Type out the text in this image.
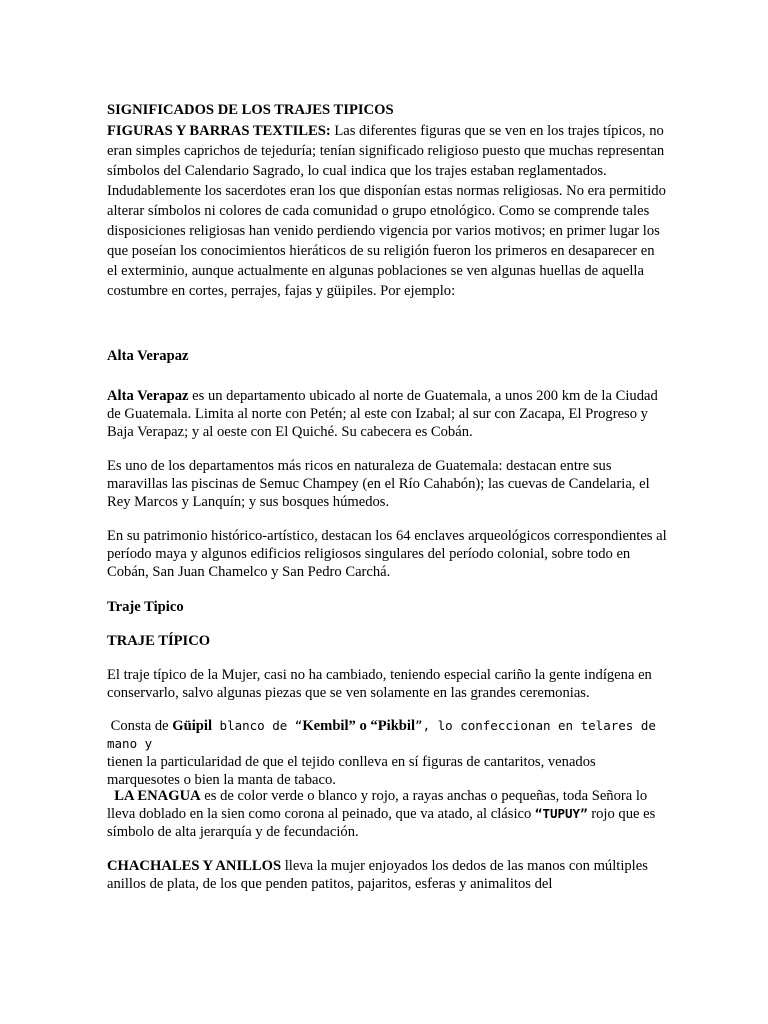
SIGNIFICADOS DE LOS TRAJES TIPICOS

FIGURAS Y BARRAS TEXTILES: Las diferentes figuras que se ven en los trajes típicos, no eran simples caprichos de tejeduría; tenían significado religioso puesto que muchas representan símbolos del Calendario Sagrado, lo cual indica que los trajes estaban reglamentados. Indudablemente los sacerdotes eran los que disponían estas normas religiosas. No era permitido alterar símbolos ni colores de cada comunidad o grupo etnológico. Como se comprende tales disposiciones religiosas han venido perdiendo vigencia por varios motivos; en primer lugar los que poseían los conocimientos hieráticos de su religión fueron los primeros en desaparecer en el exterminio, aunque actualmente en algunas poblaciones se ven algunas huellas de aquella costumbre en cortes, perrajes, fajas y güipiles. Por ejemplo:

Alta Verapaz

Alta Verapaz es un departamento ubicado al norte de Guatemala, a unos 200 km de la Ciudad de Guatemala. Limita al norte con Petén; al este con Izabal; al sur con Zacapa, El Progreso y Baja Verapaz; y al oeste con El Quiché. Su cabecera es Cobán.

Es uno de los departamentos más ricos en naturaleza de Guatemala: destacan entre sus maravillas las piscinas de Semuc Champey (en el Río Cahabón); las cuevas de Candelaria, el Rey Marcos y Lanquín; y sus bosques húmedos.

En su patrimonio histórico-artístico, destacan los 64 enclaves arqueológicos correspondientes al período maya y algunos edificios religiosos singulares del período colonial, sobre todo en Cobán, San Juan Chamelco y San Pedro Carchá.

Traje Tipico

TRAJE TÍPICO

El traje típico de la Mujer, casi no ha cambiado, teniendo especial cariño la gente indígena en conservarlo, salvo algunas piezas que se ven solamente en las grandes ceremonias.

Consta de Güipil blanco de “Kembil” o “Pikbil”, lo confeccionan en telares de mano y
tienen la particularidad de que el tejido conlleva en sí figuras de cantaritos, venados marquesotes o bien la manta de tabaco.

LA ENAGUA es de color verde o blanco y rojo, a rayas anchas o pequeñas, toda Señora lo lleva doblado en la sien como corona al peinado, que va atado, al clásico “TUPUY” rojo que es símbolo de alta jerarquía y de fecundación.

CHACHALES Y ANILLOS lleva la mujer enjoyados los dedos de las manos con múltiples anillos de plata, de los que penden patitos, pajaritos, esferas y animalitos del
